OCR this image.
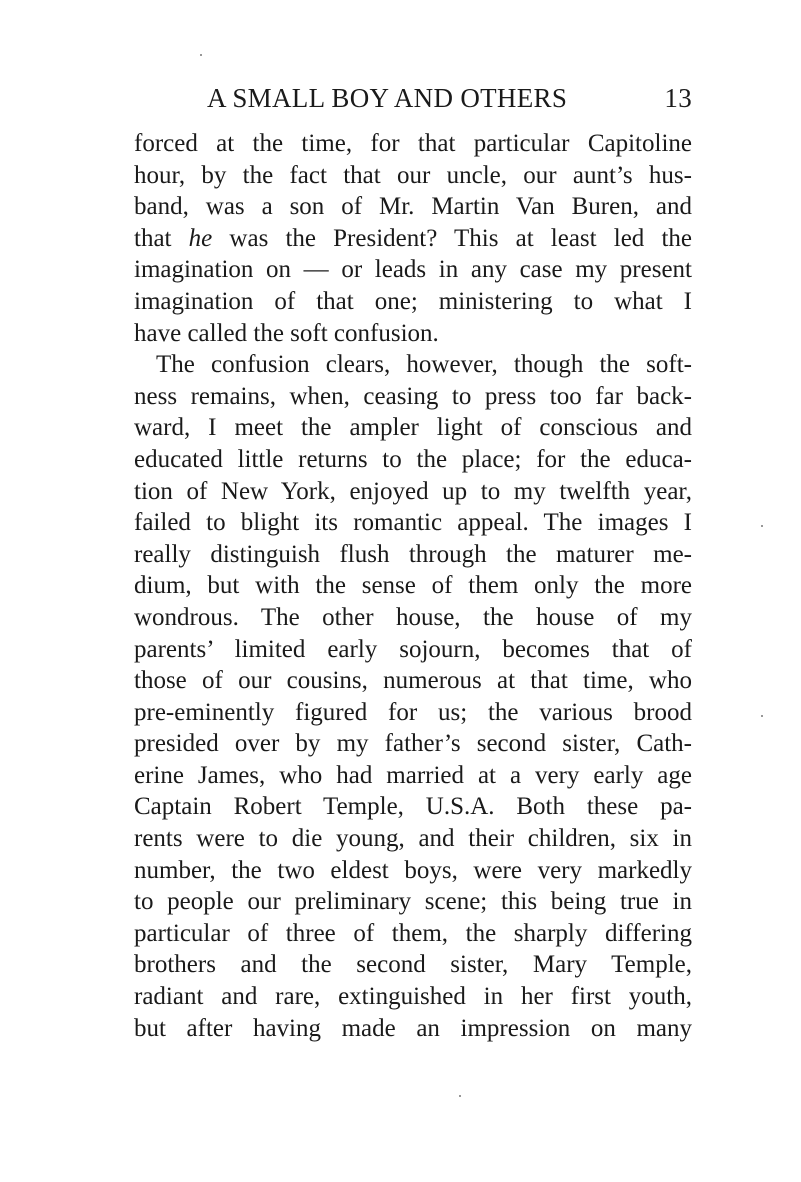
A SMALL BOY AND OTHERS	13
forced at the time, for that particular Capitoline
hour, by the fact that our uncle, our aunt’s hus-
band, was a son of Mr. Martin Van Buren, and
that he was the President? This at least led the
imagination on — or leads in any case my present
imagination of that one; ministering to what I
have called the soft confusion.
The confusion clears, however, though the soft-
ness remains, when, ceasing to press too far back-
ward, I meet the ampler light of conscious and
educated little returns to the place; for the educa-
tion of New York, enjoyed up to my twelfth year,
failed to blight its romantic appeal. The images I
really distinguish flush through the maturer me-
dium, but with the sense of them only the more
wondrous. The other house, the house of my
parents’ limited early sojourn, becomes that of
those of our cousins, numerous at that time, who
pre-eminently figured for us; the various brood
presided over by my father’s second sister, Cath-
erine James, who had married at a very early age
Captain Robert Temple, U.S.A. Both these pa-
rents were to die young, and their children, six in
number, the two eldest boys, were very markedly
to people our preliminary scene; this being true in
particular of three of them, the sharply differing
brothers and the second sister, Mary Temple,
radiant and rare, extinguished in her first youth,
but after having made an impression on many
